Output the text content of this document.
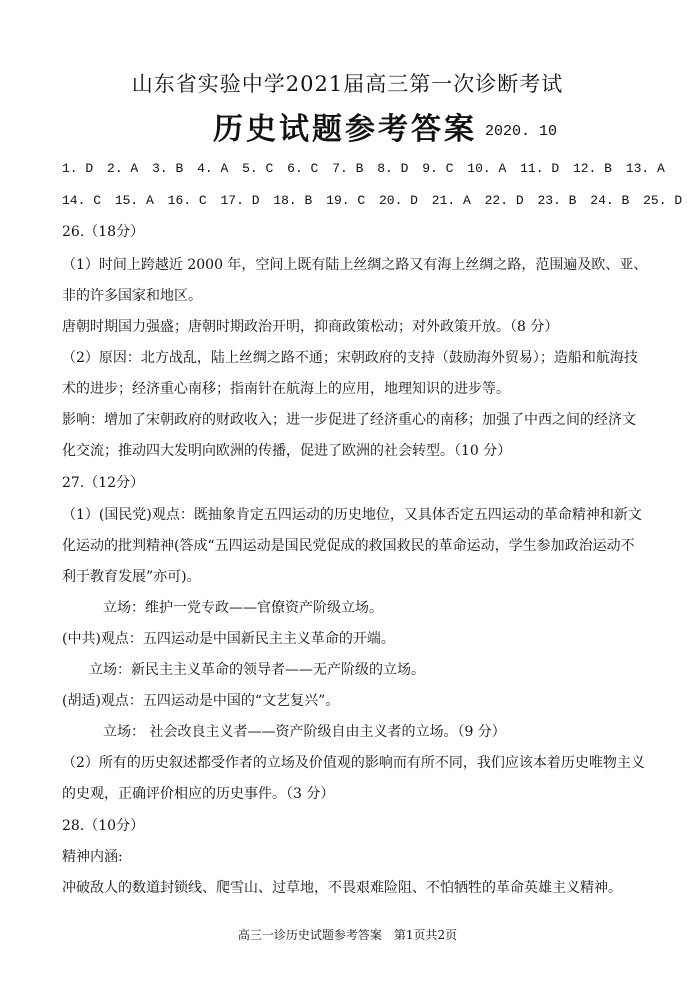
山东省实验中学2021届高三第一次诊断考试
历史试题参考答案 2020. 10
1. D 2. A 3. B 4. A 5. C 6. C 7. B 8. D 9. C 10. A 11. D 12. B 13. A
14. C 15. A 16. C 17. D 18. B 19. C 20. D 21. A 22. D 23. B 24. B 25. D
26.（18分）
（1）时间上跨越近 2000 年，空间上既有陆上丝绸之路又有海上丝绸之路，范围遍及欧、亚、
非的许多国家和地区。
唐朝时期国力强盛；唐朝时期政治开明，抑商政策松动；对外政策开放。（8 分）
（2）原因：北方战乱，陆上丝绸之路不通；宋朝政府的支持（鼓励海外贸易）；造船和航海技
术的进步；经济重心南移；指南针在航海上的应用，地理知识的进步等。
影响：增加了宋朝政府的财政收入；进一步促进了经济重心的南移；加强了中西之间的经济文
化交流；推动四大发明向欧洲的传播，促进了欧洲的社会转型。（10 分）
27.（12分）
（1）(国民党)观点：既抽象肯定五四运动的历史地位，又具体否定五四运动的革命精神和新文
化运动的批判精神(答成“五四运动是国民党促成的救国救民的革命运动，学生参加政治运动不
利于教育发展”亦可)。
立场：维护一党专政——官僚资产阶级立场。
(中共)观点：五四运动是中国新民主主义革命的开端。
立场：新民主主义革命的领导者——无产阶级的立场。
(胡适)观点：五四运动是中国的“文艺复兴”。
立场： 社会改良主义者——资产阶级自由主义者的立场。（9 分）
（2）所有的历史叙述都受作者的立场及价值观的影响而有所不同，我们应该本着历史唯物主义
的史观，正确评价相应的历史事件。（3 分）
28.（10分）
精神内涵:
冲破敌人的数道封锁线、爬雪山、过草地，不畏艰难险阻、不怕牺牲的革命英雄主义精神。
高三一诊历史试题参考答案　第1页共2页
